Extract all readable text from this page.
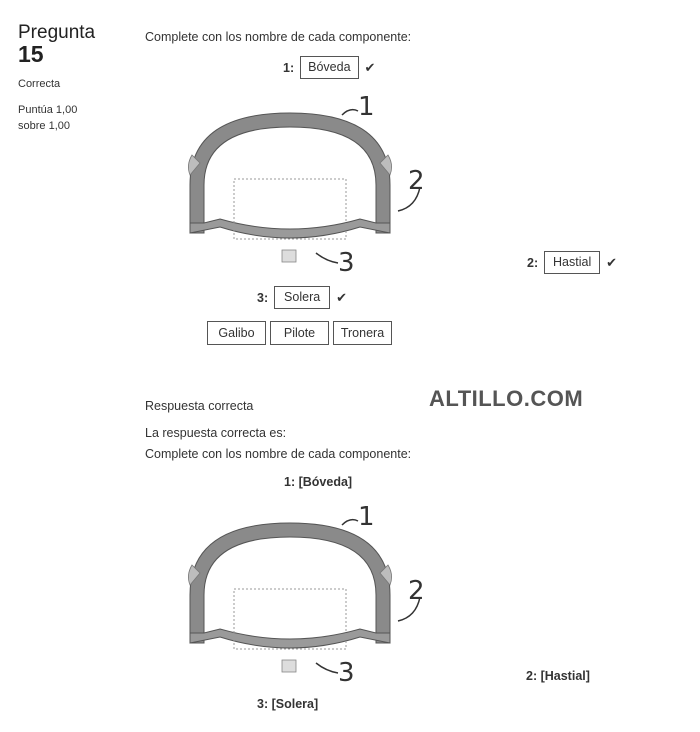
Pregunta
15
Correcta
Puntúa 1,00 sobre 1,00
Complete con los nombre de cada componente:
1:	Bóveda	✔
2:	Hastial	✔
3:	Solera	✔
Galibo	Pilote	Tronera
1
2
3
ALTILLO.COM
Respuesta correcta
La respuesta correcta es:
Complete con los nombre de cada componente:
1: [Bóveda]
2: [Hastial]
3: [Solera]
1
2
3
